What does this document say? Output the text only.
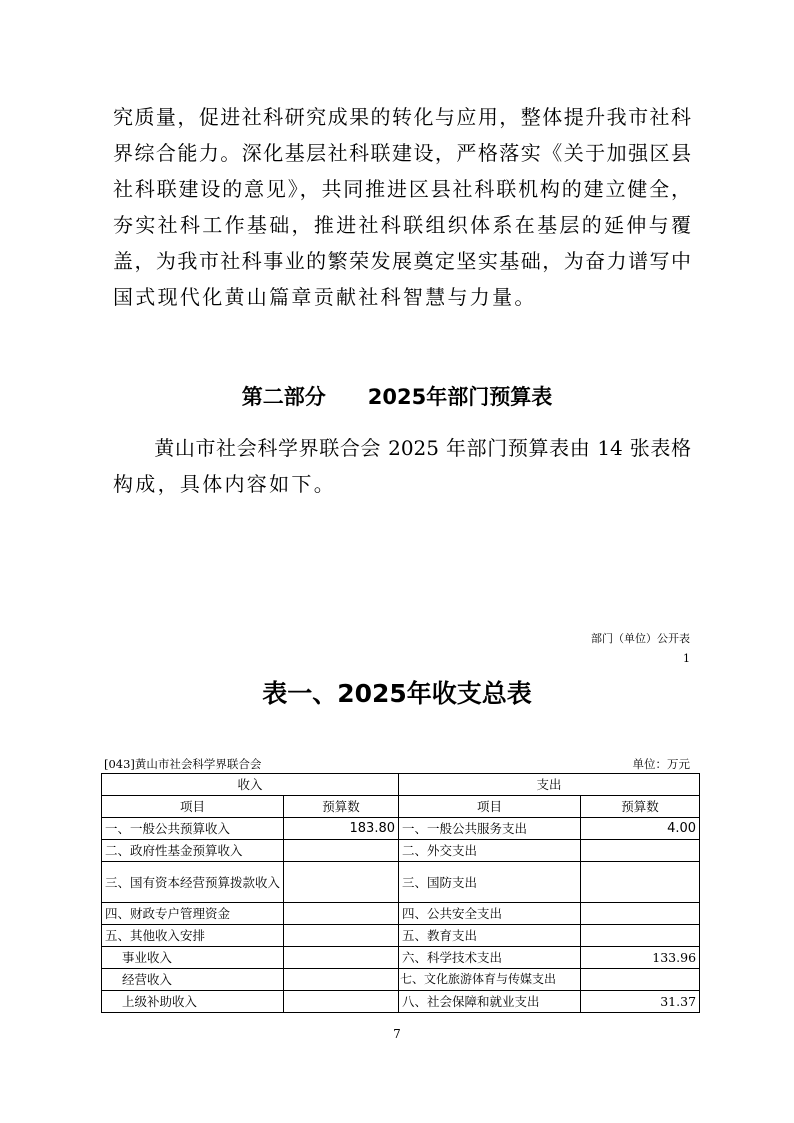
究质量，促进社科研究成果的转化与应用，整体提升我市社科
界综合能力。深化基层社科联建设，严格落实《关于加强区县
社科联建设的意见》，共同推进区县社科联机构的建立健全，
夯实社科工作基础，推进社科联组织体系在基层的延伸与覆
盖，为我市社科事业的繁荣发展奠定坚实基础，为奋力谱写中
国式现代化黄山篇章贡献社科智慧与力量。
第二部分　　2025年部门预算表
　　黄山市社会科学界联合会 2025 年部门预算表由 14 张表格
构成，具体内容如下。
部门（单位）公开表
1
表一、2025年收支总表
[043]黄山市社会科学界联合会	单位：万元
收入		支出	
项目	预算数	项目	预算数
一、一般公共预算收入	183.80	一、一般公共服务支出	4.00
二、政府性基金预算收入		二、外交支出	
三、国有资本经营预算拨款收入		三、国防支出	
四、财政专户管理资金		四、公共安全支出	
五、其他收入安排		五、教育支出	
事业收入		六、科学技术支出	133.96
经营收入		七、文化旅游体育与传媒支出	
上级补助收入		八、社会保障和就业支出	31.37
7
